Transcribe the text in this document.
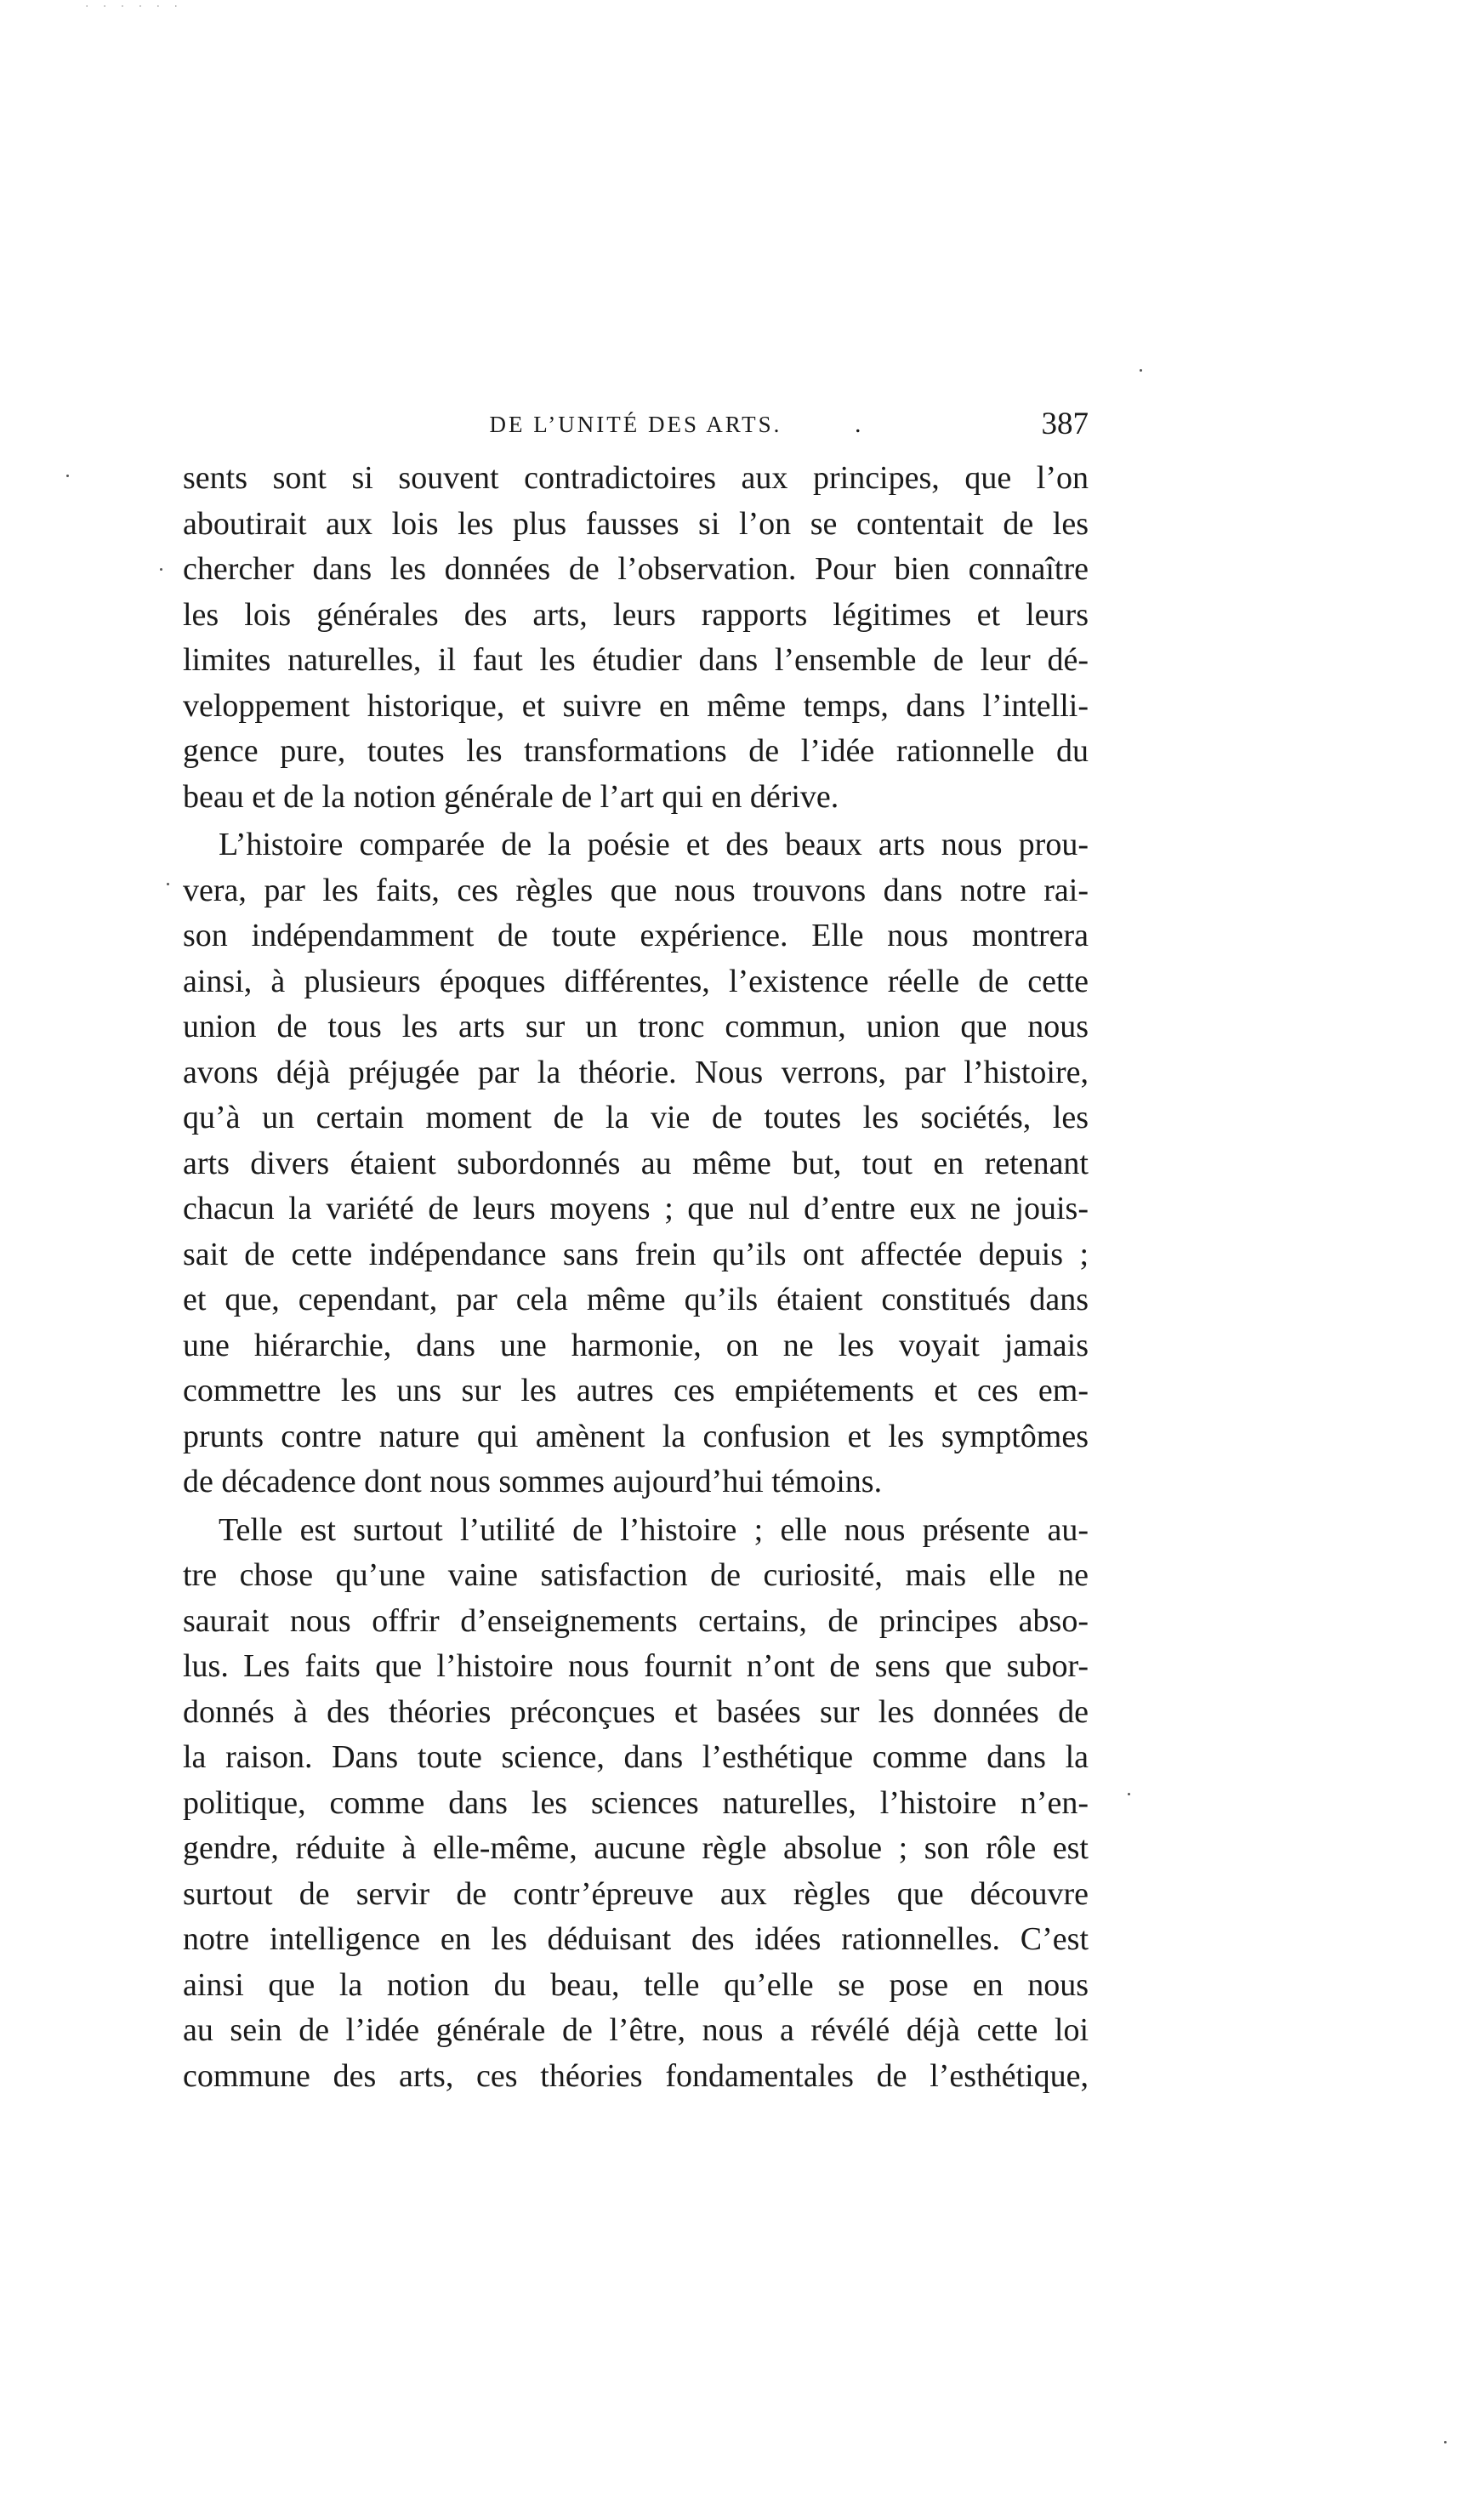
· · · · · ·
DE L’UNITÉ DES ARTS.	.	387

sents sont si souvent contradictoires aux principes, que l’on
aboutirait aux lois les plus fausses si l’on se contentait de les
chercher dans les données de l’observation. Pour bien connaître
les lois générales des arts, leurs rapports légitimes et leurs
limites naturelles, il faut les étudier dans l’ensemble de leur dé-
veloppement historique, et suivre en même temps, dans l’intelli-
gence pure, toutes les transformations de l’idée rationnelle du
beau et de la notion générale de l’art qui en dérive.

L’histoire comparée de la poésie et des beaux arts nous prou-
vera, par les faits, ces règles que nous trouvons dans notre rai-
son indépendamment de toute expérience. Elle nous montrera
ainsi, à plusieurs époques différentes, l’existence réelle de cette
union de tous les arts sur un tronc commun, union que nous
avons déjà préjugée par la théorie. Nous verrons, par l’histoire,
qu’à un certain moment de la vie de toutes les sociétés, les
arts divers étaient subordonnés au même but, tout en retenant
chacun la variété de leurs moyens ; que nul d’entre eux ne jouis-
sait de cette indépendance sans frein qu’ils ont affectée depuis ;
et que, cependant, par cela même qu’ils étaient constitués dans
une hiérarchie, dans une harmonie, on ne les voyait jamais
commettre les uns sur les autres ces empiétements et ces em-
prunts contre nature qui amènent la confusion et les symptômes
de décadence dont nous sommes aujourd’hui témoins.

Telle est surtout l’utilité de l’histoire ; elle nous présente au-
tre chose qu’une vaine satisfaction de curiosité, mais elle ne
saurait nous offrir d’enseignements certains, de principes abso-
lus. Les faits que l’histoire nous fournit n’ont de sens que subor-
donnés à des théories préconçues et basées sur les données de
la raison. Dans toute science, dans l’esthétique comme dans la
politique, comme dans les sciences naturelles, l’histoire n’en-
gendre, réduite à elle-même, aucune règle absolue ; son rôle est
surtout de servir de contr’épreuve aux règles que découvre
notre intelligence en les déduisant des idées rationnelles. C’est
ainsi que la notion du beau, telle qu’elle se pose en nous
au sein de l’idée générale de l’être, nous a révélé déjà cette loi
commune des arts, ces théories fondamentales de l’esthétique,
